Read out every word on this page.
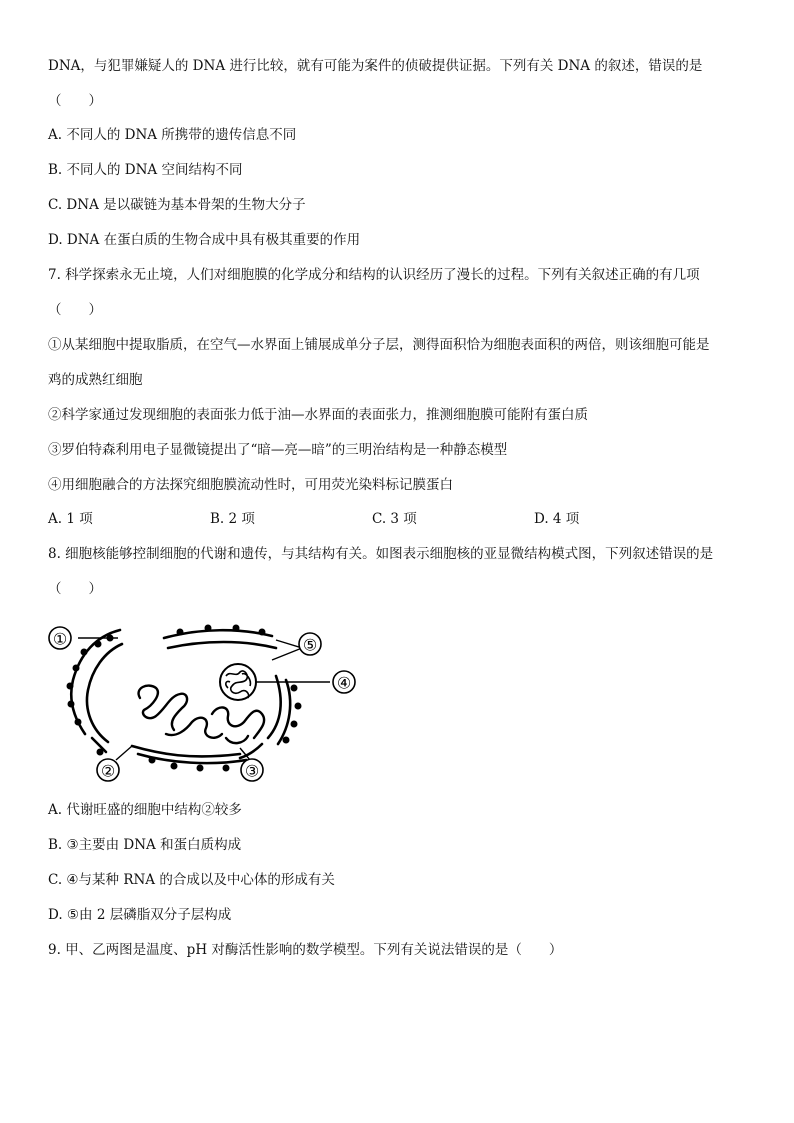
DNA，与犯罪嫌疑人的 DNA 进行比较，就有可能为案件的侦破提供证据。下列有关 DNA 的叙述，错误的是
（　　）
A. 不同人的 DNA 所携带的遗传信息不同
B. 不同人的 DNA 空间结构不同
C. DNA 是以碳链为基本骨架的生物大分子
D. DNA 在蛋白质的生物合成中具有极其重要的作用
7. 科学探索永无止境，人们对细胞膜的化学成分和结构的认识经历了漫长的过程。下列有关叙述正确的有几项
（　　）
①从某细胞中提取脂质，在空气—水界面上铺展成单分子层，测得面积恰为细胞表面积的两倍，则该细胞可能是
鸡的成熟红细胞
②科学家通过发现细胞的表面张力低于油—水界面的表面张力，推测细胞膜可能附有蛋白质
③罗伯特森利用电子显微镜提出了“暗—亮—暗”的三明治结构是一种静态模型
④用细胞融合的方法探究细胞膜流动性时，可用荧光染料标记膜蛋白
A. 1 项	B. 2 项	C. 3 项	D. 4 项
8. 细胞核能够控制细胞的代谢和遗传，与其结构有关。如图表示细胞核的亚显微结构模式图，下列叙述错误的是
（　　）
①
②	③
④
⑤
A. 代谢旺盛的细胞中结构②较多
B. ③主要由 DNA 和蛋白质构成
C. ④与某种 RNA 的合成以及中心体的形成有关
D. ⑤由 2 层磷脂双分子层构成
9. 甲、乙两图是温度、pH 对酶活性影响的数学模型。下列有关说法错误的是（　　）
